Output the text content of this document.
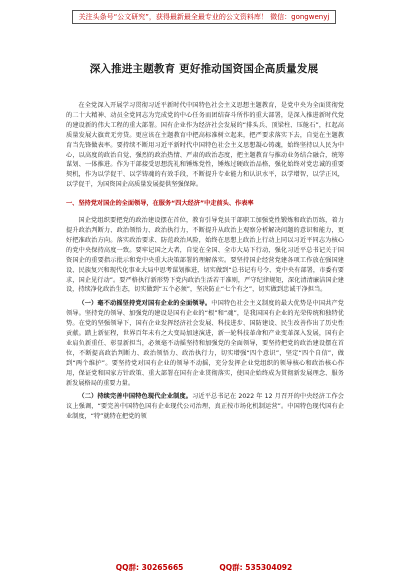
关注头条号“公文研究”，获得最新最全最专业的公文资料库！ 微信：gongwenyj
深入推进主题教育 更好推动国资国企高质量发展

在全党深入开展学习贯彻习近平新时代中国特色社会主义思想主题教育，是党中央为全面贯彻党的二十大精神、动员全党同志为完成党的中心任务而团结奋斗所作的重大部署，是深入推进新时代党的建设新的伟大工程的重大部署。国有企业作为经济社会发展的“排头兵、顶梁柱、压舱石”，扛起高质量发展大旗责无旁贷。更应该在主题教育中把高标准树立起来，把严要求落实下去，自觉在主题教育当先锋做表率。要持续不断用习近平新时代中国特色社会主义思想凝心铸魂，始终坚持以人民为中心，以高度的政治自觉、强烈的政治热情、严肃的政治态度，把主题教育与推动业务结合融合，统筹谋划、一体推进。作为干部接受思想洗礼和锤炼党性，锤炼过硬政治品格，强化始终对党忠诚的重要契机，作为以学促干、以学铸魂的有效手段，不断提升专业能力和认识水平，以学增智，以学正风，以学促干，为国资国企高质量发展提供坚强保障。

一、坚持党对国企的全面领导，在服务“四大经济”中走前头、作表率

国企党组织要把党的政治建设摆在首位，教育引导党员干部职工加强党性锻炼和政治历练，着力提升政治判断力、政治领悟力、政治执行力，不断提升从政治上观察分析解决问题的意识和能力，更好把准政治方向。落实政治要求、防范政治风险，始终在思想上政治上行动上同以习近平同志为核心的党中央保持高度一致。要牢记国之大者，自觉在全国、全市大局下行动，强化习近平总书记关于国资国企的重要指示批示和党中央重大决策部署的理解落实。要坚持国企经营党建各项工作放在强国建设、民族复兴和现代化事业大局中思考谋划推进，切实做到“总书记有号令、党中央有部署，市委有要求，国企见行动”。要严格执行新形势下党内政治生活若干准则，严守纪律规矩，深化清清廉洁国企建设，持续净化政治生态，切实做到“五个必须”，坚决防止“七个有之”，切实做到忠诚干净担当。

（一）毫不动摇坚持党对国有企业的全面领导。中国特色社会主义制度的最大优势是中国共产党领导。坚持党的领导、加强党的建设是国有企业的“根”和“魂”，是我国国有企业的光荣传统和独特优势。在党的坚强领导下，国有企业发挥经济社会发展、科技进步、国防建设、民生改善作出了历史性贡献。踏上新征程，世界百年未有之大变局加速演进，新一轮科技革命和产业变革深入发展，国有企业肩负新重任、彰显新担当，必须毫不动摇坚持和加强党的全面领导，要坚持把党的政治建设摆在首位，不断提高政治判断力、政治领悟力、政治执行力，切实增强“四个意识”，坚定“四个自信”，做到“两个维护”。要坚持党对国有企业的领导不动摇，充分发挥企业党组织的领导核心和政治核心作用，保证党和国家方针政策、重大部署在国有企业贯彻落实，使国企始终成为贯彻新发展理念、服务新发展格局的重要力量。

（二）持续完善中国特色现代企业制度。习近平总书记在 2022 年 12 月召开的中央经济工作会议上强调，“要完善中国特色国有企业现代公司治理，真正按市场化机制运营”。中国特色现代国有企业制度，“特”就特在把党的领

QQ群: 30265665	QQ群: 535304092
